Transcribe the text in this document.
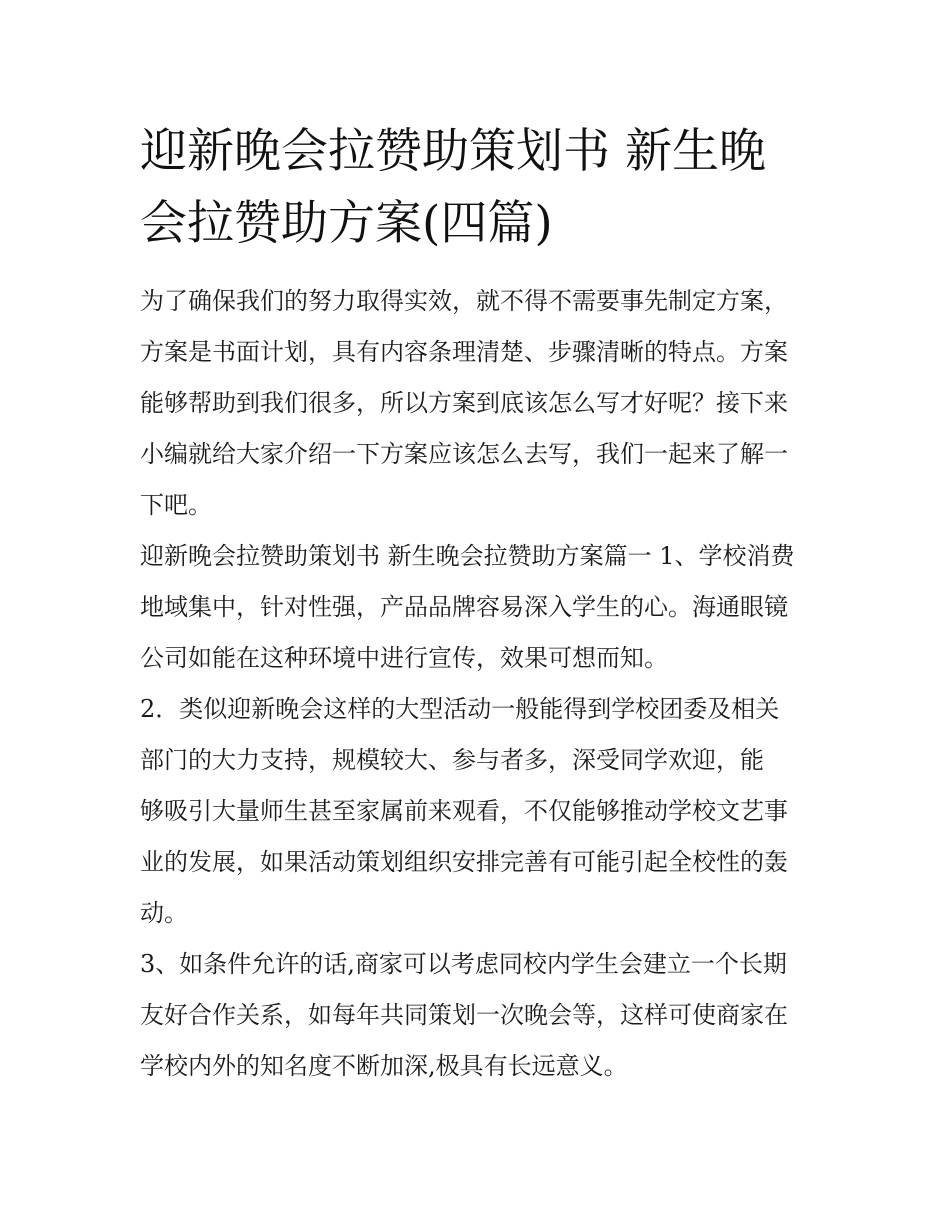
迎新晚会拉赞助策划书 新生晚
会拉赞助方案(四篇)

为了确保我们的努力取得实效，就不得不需要事先制定方案，
方案是书面计划，具有内容条理清楚、步骤清晰的特点。方案
能够帮助到我们很多，所以方案到底该怎么写才好呢？接下来
小编就给大家介绍一下方案应该怎么去写，我们一起来了解一
下吧。

迎新晚会拉赞助策划书 新生晚会拉赞助方案篇一 1、学校消费
地域集中，针对性强，产品品牌容易深入学生的心。海通眼镜
公司如能在这种环境中进行宣传，效果可想而知。

2．类似迎新晚会这样的大型活动一般能得到学校团委及相关
部门的大力支持，规模较大、参与者多，深受同学欢迎，能
够吸引大量师生甚至家属前来观看，不仅能够推动学校文艺事
业的发展，如果活动策划组织安排完善有可能引起全校性的轰
动。

3、如条件允许的话,商家可以考虑同校内学生会建立一个长期
友好合作关系，如每年共同策划一次晚会等，这样可使商家在
学校内外的知名度不断加深,极具有长远意义。
